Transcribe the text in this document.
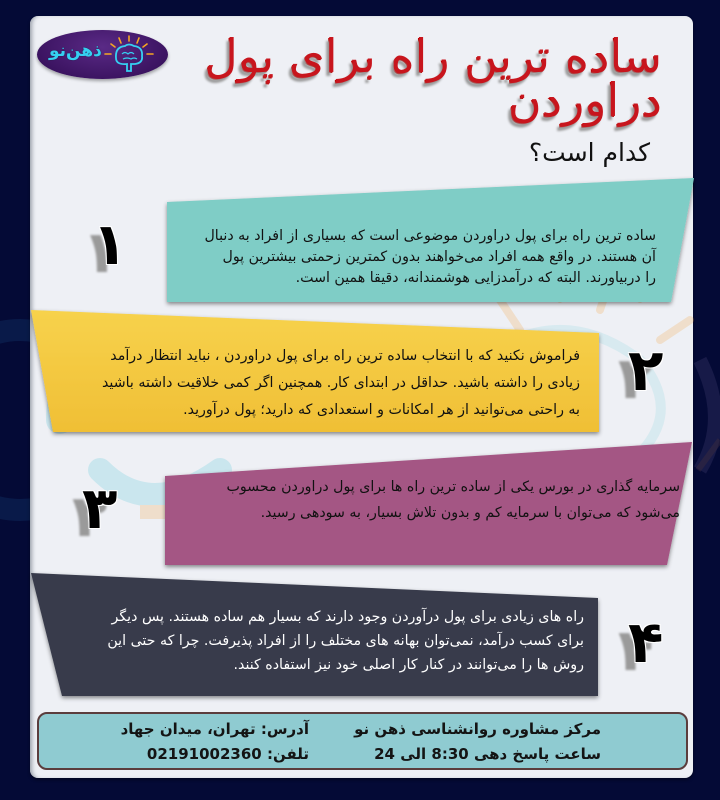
ذهن‌نو ساده ترین راه برای پول
دراوردن
کدام است؟
۱	ساده ترین راه برای پول دراوردن موضوعی است که بسیاری از افراد به دنبال
آن هستند. در واقع همه افراد می‌خواهند بدون کمترین زحمتی بیشترین پول
را دربیاورند. البته که درآمدزایی هوشمندانه، دقیقا همین است.
۲
فراموش نکنید که با انتخاب ساده ترین راه برای پول دراوردن ، نباید انتظار درآمد
زیادی را داشته باشید. حداقل در ابتدای کار. همچنین اگر کمی خلاقیت داشته باشید
به راحتی می‌توانید از هر امکانات و استعدادی که دارید؛ پول درآورید.
۳	سرمایه گذاری در بورس یکی از ساده ترین راه ها برای پول دراوردن محسوب
می‌شود که می‌توان با سرمایه کم و بدون تلاش بسیار، به سودهی رسید.
۴
راه های زیادی برای پول درآوردن وجود دارند که بسیار هم ساده هستند. پس دیگر
برای کسب درآمد، نمی‌توان بهانه های مختلف را از افراد پذیرفت. چرا که حتی این
روش ها را می‌توانند در کنار کار اصلی خود نیز استفاده کنند.
مرکز مشاوره روانشناسی ذهن نو
ساعت پاسخ دهی 8:30 الی 24
آدرس: تهران، میدان جهاد
تلفن: 02191002360
